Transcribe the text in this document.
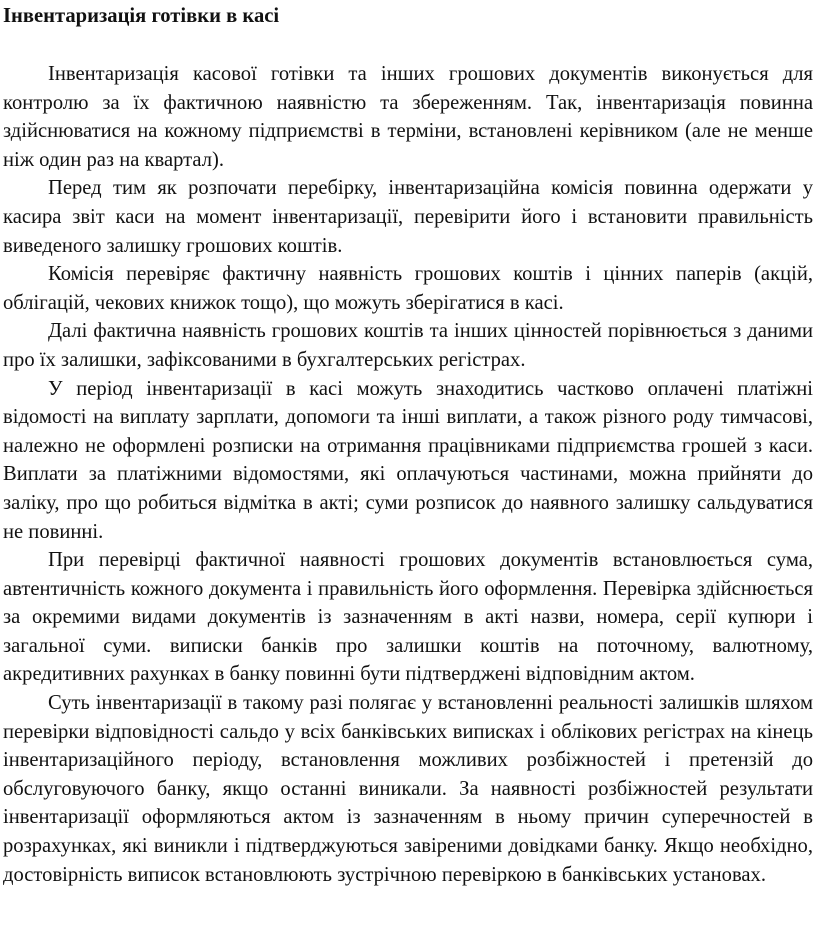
Інвентаризація готівки в касі

Інвентаризація касової готівки та інших грошових документів виконується для контролю за їх фактичною наявністю та збереженням. Так, інвентаризація повинна здійснюватися на кожному підприємстві в терміни, встановлені керівником (але не менше ніж один раз на квартал).

Перед тим як розпочати перебірку, інвентаризаційна комісія повинна одержати у касира звіт каси на момент інвентаризації, перевірити його і встановити правильність виведеного залишку грошових коштів.

Комісія перевіряє фактичну наявність грошових коштів і цінних паперів (акцій, облігацій, чекових книжок тощо), що можуть зберігатися в касі.

Далі фактична наявність грошових коштів та інших цінностей порівнюється з даними про їх залишки, зафіксованими в бухгалтерських регістрах.

У період інвентаризації в касі можуть знаходитись частково оплачені платіжні відомості на виплату зарплати, допомоги та інші виплати, а також різного роду тимчасові, належно не оформлені розписки на отримання працівниками підприємства грошей з каси. Виплати за платіжними відомостями, які оплачуються частинами, можна прийняти до заліку, про що робиться відмітка в акті; суми розписок до наявного залишку сальдуватися не повинні.

При перевірці фактичної наявності грошових документів встановлюється сума, автентичність кожного документа і правильність його оформлення. Перевірка здійснюється за окремими видами документів із зазначенням в акті назви, номера, серії купюри і загальної суми. виписки банків про залишки коштів на поточному, валютному, акредитивних рахунках в банку повинні бути підтверджені відповідним актом.

Суть інвентаризації в такому разі полягає у встановленні реальності залишків шляхом перевірки відповідності сальдо у всіх банківських виписках і облікових регістрах на кінець інвентаризаційного періоду, встановлення можливих розбіжностей і претензій до обслуговуючого банку, якщо останні виникали. За наявності розбіжностей результати інвентаризації оформляються актом із зазначенням в ньому причин суперечностей в розрахунках, які виникли і підтверджуються завіреними довідками банку. Якщо необхідно, достовірність виписок встановлюють зустрічною перевіркою в банківських установах.
